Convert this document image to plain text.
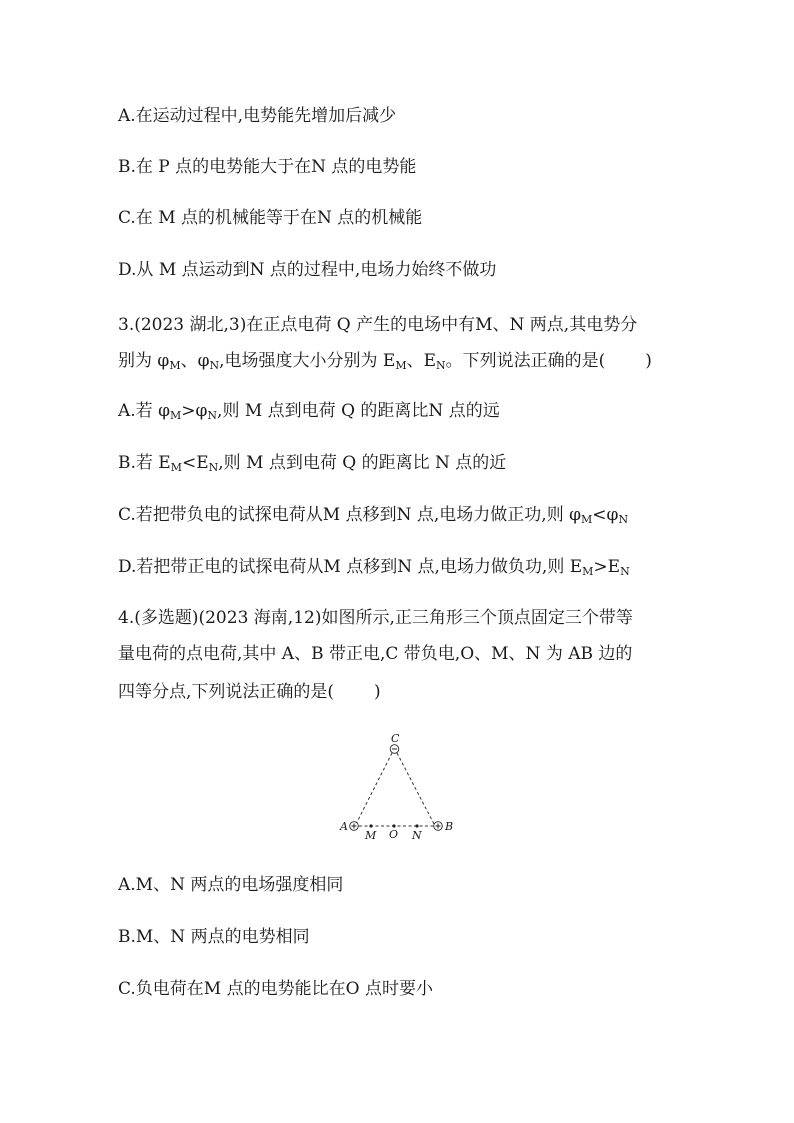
A.在运动过程中,电势能先增加后减少
B.在 P 点的电势能大于在N 点的电势能
C.在 M 点的机械能等于在N 点的机械能
D.从 M 点运动到N 点的过程中,电场力始终不做功
3.(2023 湖北,3)在正点电荷 Q 产生的电场中有M、N 两点,其电势分
别为 $\varphi_M$、$\varphi_N$,电场强度大小分别为 $E_M$、$E_N$。下列说法正确的是( )
A.若 $\varphi_M>\varphi_N$,则 M 点到电荷 Q 的距离比N 点的远
B.若 $E_M<E_N$,则 M 点到电荷 Q 的距离比 N 点的近
C.若把带负电的试探电荷从M 点移到N 点,电场力做正功,则 $\varphi_M<\varphi_N$
D.若把带正电的试探电荷从M 点移到N 点,电场力做负功,则 $E_M>E_N$
4.(多选题)(2023 海南,12)如图所示,正三角形三个顶点固定三个带等
量电荷的点电荷,其中 A、B 带正电,C 带负电,O、M、N 为 AB 边的
四等分点,下列说法正确的是( )
C
A	B
M O N
A.M、N 两点的电场强度相同
B.M、N 两点的电势相同
C.负电荷在M 点的电势能比在O 点时要小
